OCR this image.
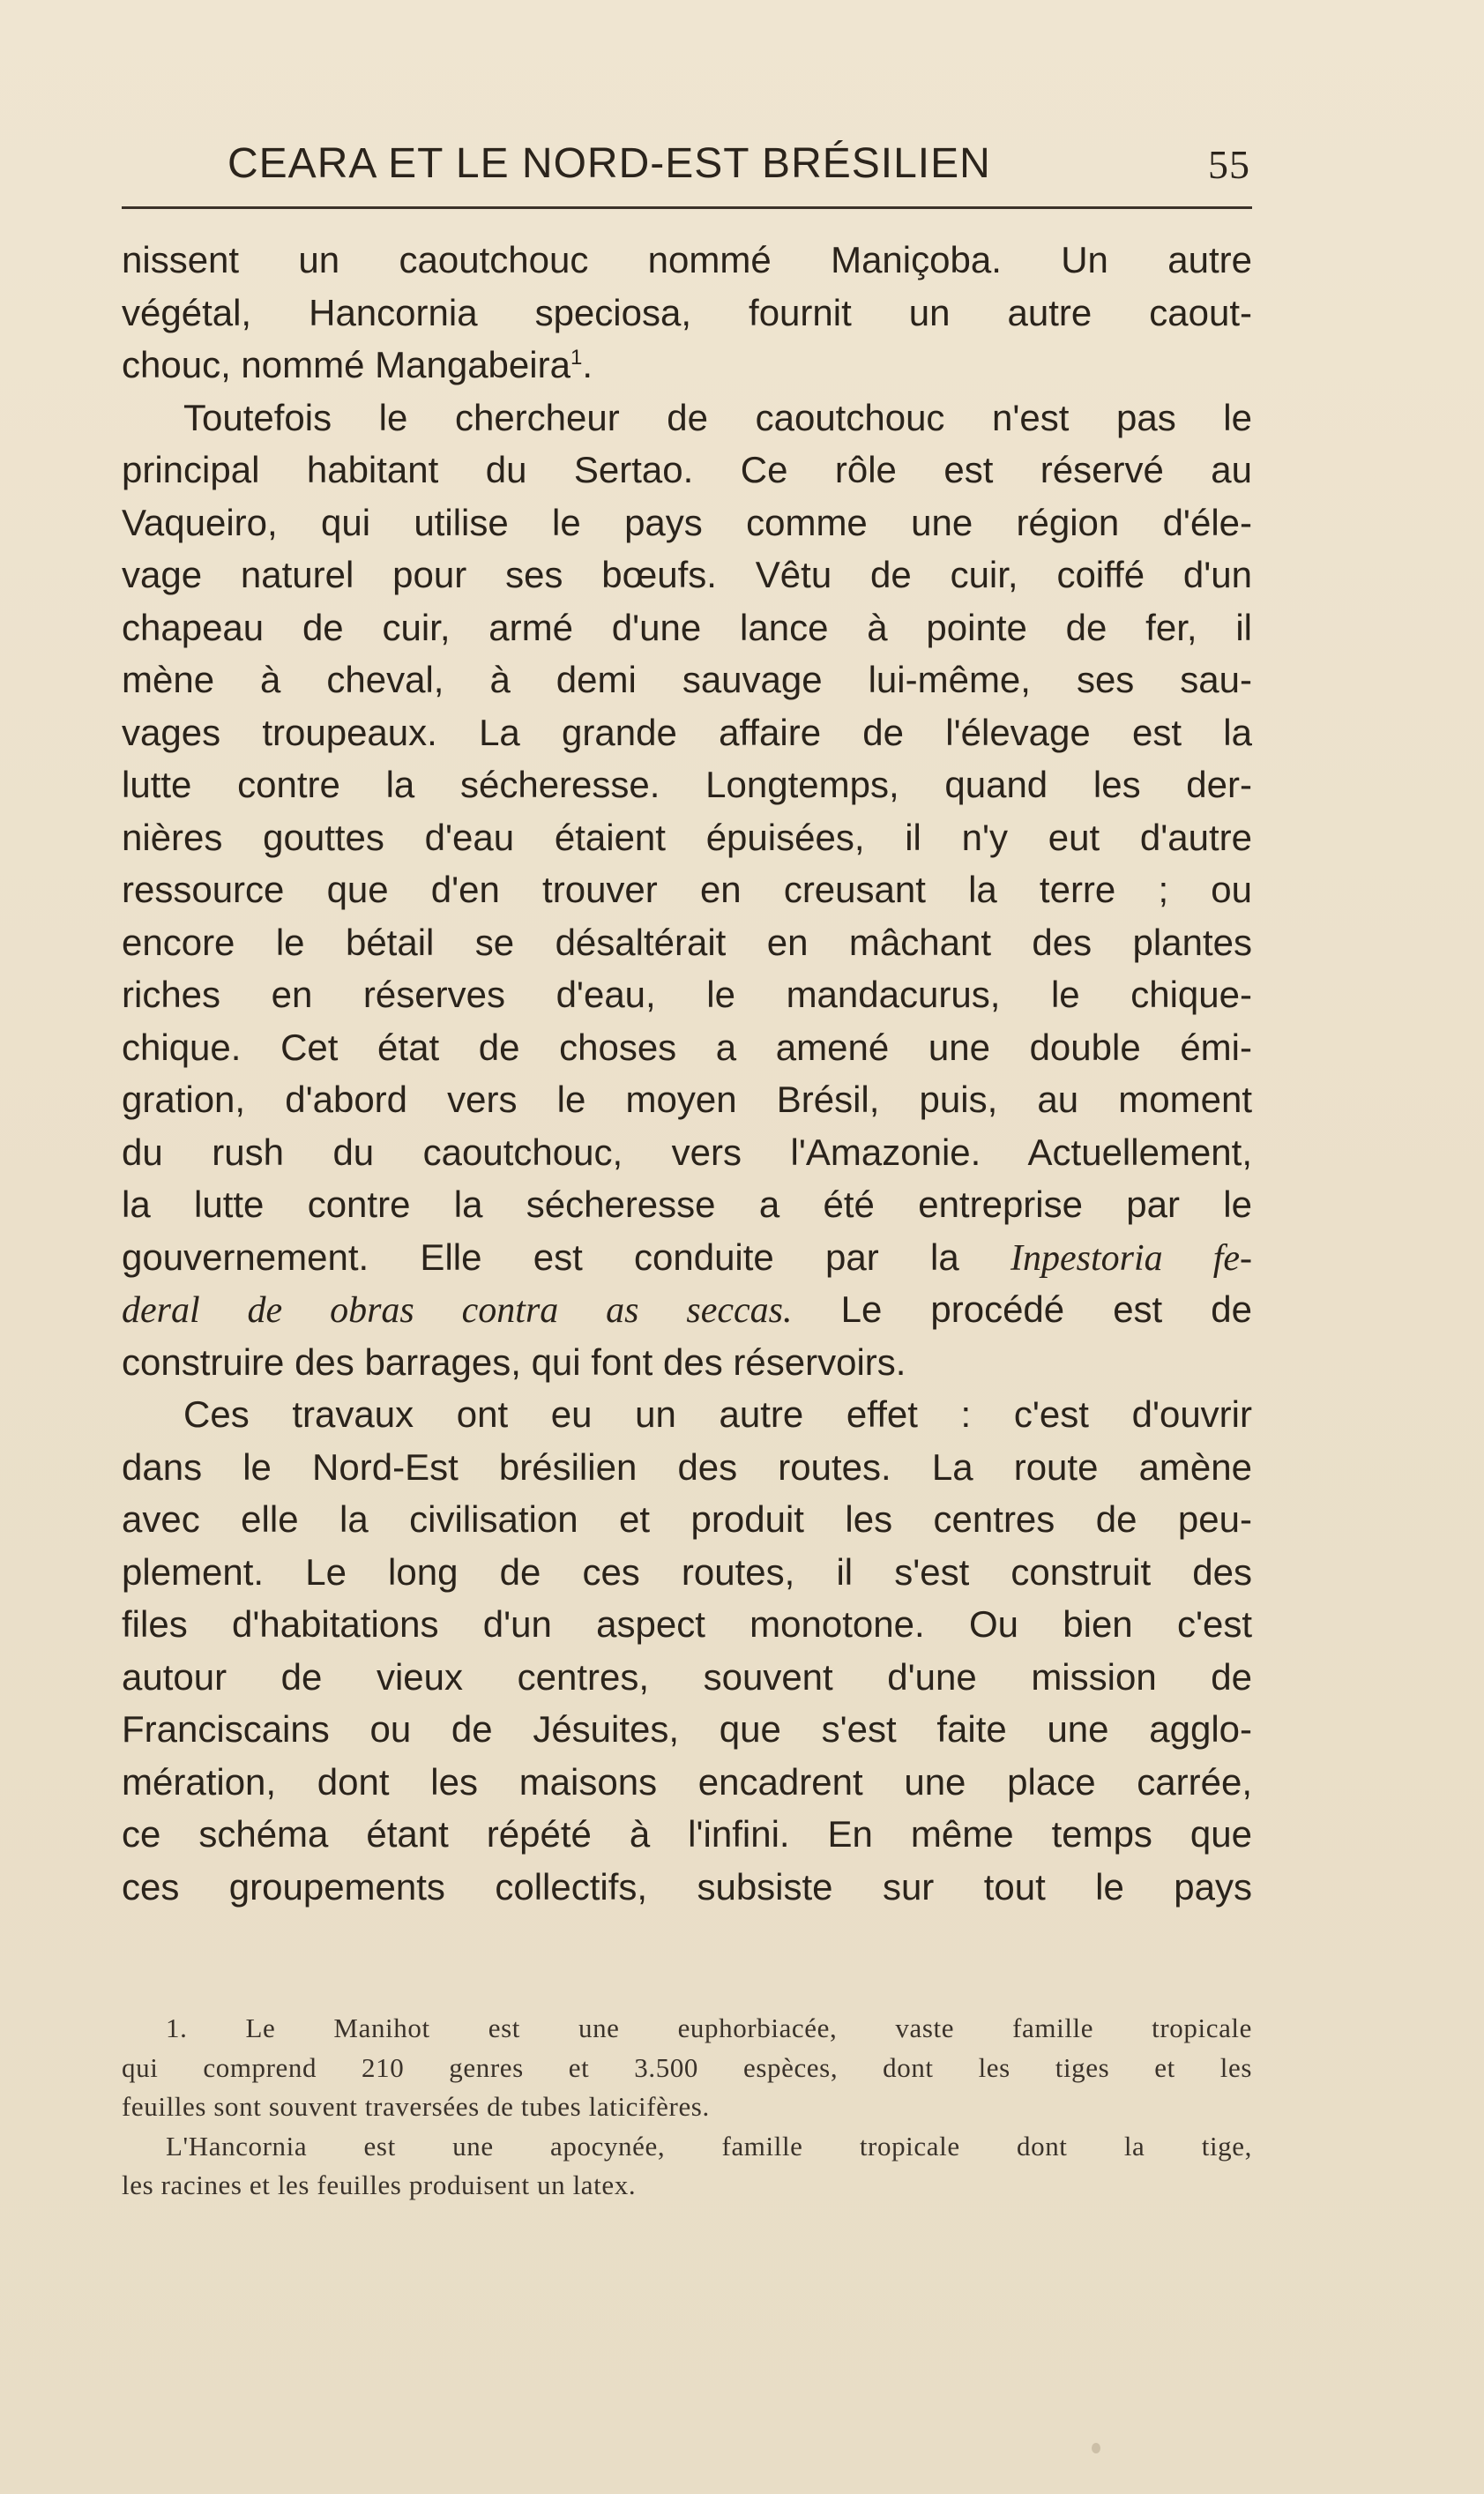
CEARA ET LE NORD-EST BRÉSILIEN	55
nissent un caoutchouc nommé Maniçoba. Un autre
végétal, Hancornia speciosa, fournit un autre caout-
chouc, nommé Mangabeira$^1$.
Toutefois le chercheur de caoutchouc n'est pas le
principal habitant du Sertao. Ce rôle est réservé au
Vaqueiro, qui utilise le pays comme une région d'éle-
vage naturel pour ses bœufs. Vêtu de cuir, coiffé d'un
chapeau de cuir, armé d'une lance à pointe de fer, il
mène à cheval, à demi sauvage lui-même, ses sau-
vages troupeaux. La grande affaire de l'élevage est la
lutte contre la sécheresse. Longtemps, quand les der-
nières gouttes d'eau étaient épuisées, il n'y eut d'autre
ressource que d'en trouver en creusant la terre ; ou
encore le bétail se désaltérait en mâchant des plantes
riches en réserves d'eau, le mandacurus, le chique-
chique. Cet état de choses a amené une double émi-
gration, d'abord vers le moyen Brésil, puis, au moment
du rush du caoutchouc, vers l'Amazonie. Actuellement,
la lutte contre la sécheresse a été entreprise par le
gouvernement. Elle est conduite par la Inpestoria fe-
deral de obras contra as seccas. Le procédé est de
construire des barrages, qui font des réservoirs.
Ces travaux ont eu un autre effet : c'est d'ouvrir
dans le Nord-Est brésilien des routes. La route amène
avec elle la civilisation et produit les centres de peu-
plement. Le long de ces routes, il s'est construit des
files d'habitations d'un aspect monotone. Ou bien c'est
autour de vieux centres, souvent d'une mission de
Franciscains ou de Jésuites, que s'est faite une agglo-
mération, dont les maisons encadrent une place carrée,
ce schéma étant répété à l'infini. En même temps que
ces groupements collectifs, subsiste sur tout le pays
1. Le Manihot est une euphorbiacée, vaste famille tropicale
qui comprend 210 genres et 3.500 espèces, dont les tiges et les
feuilles sont souvent traversées de tubes laticifères.
L'Hancornia est une apocynée, famille tropicale dont la tige,
les racines et les feuilles produisent un latex.
